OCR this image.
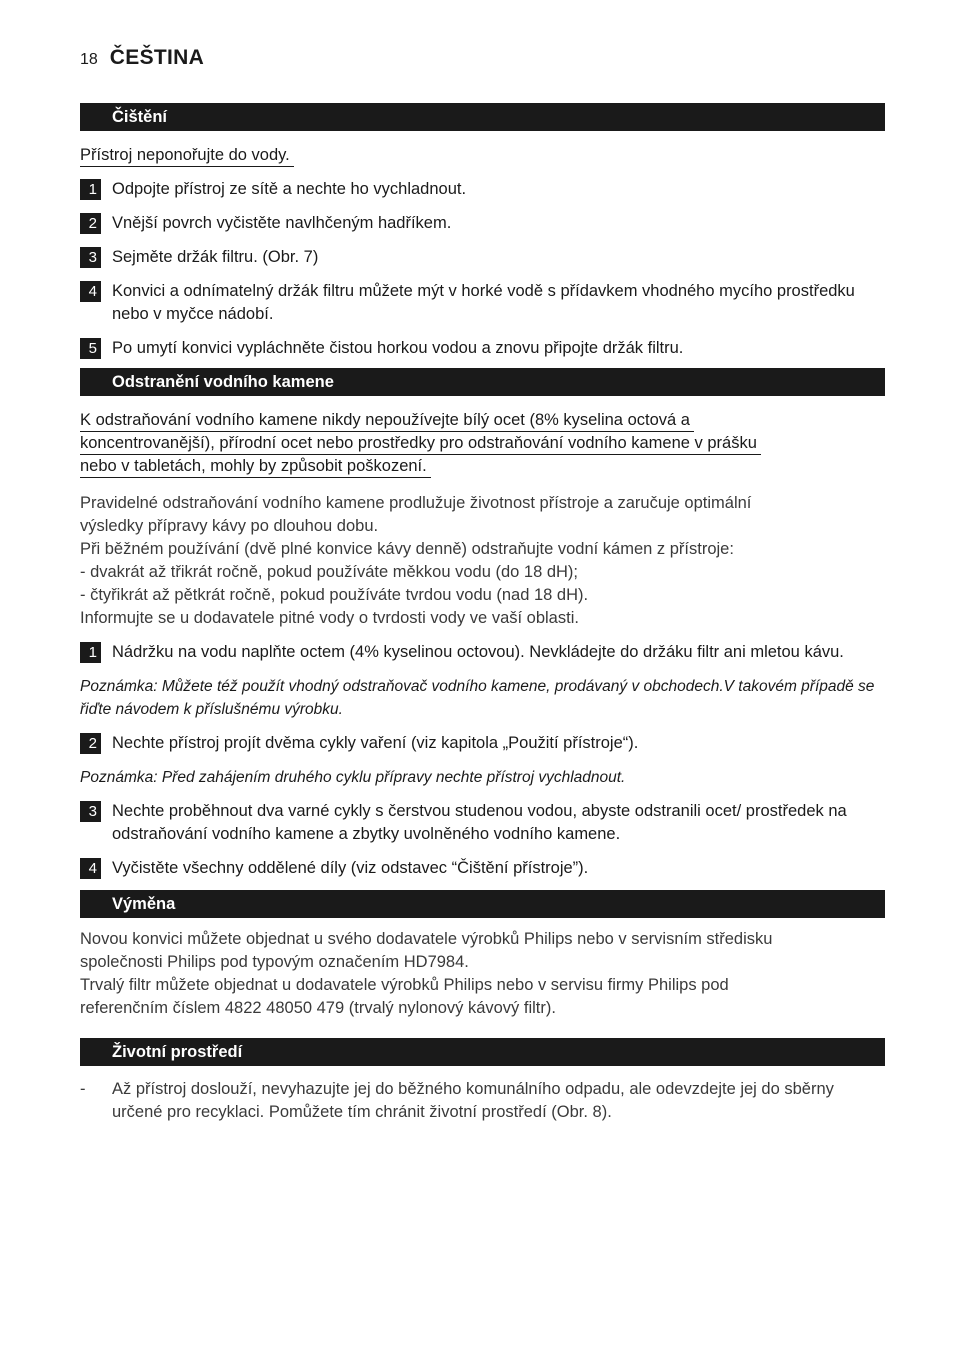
18 ČEŠTINA
Čištění
Přístroj neponořujte do vody.
1 Odpojte přístroj ze sítě a nechte ho vychladnout.
2 Vnější povrch vyčistěte navlhčeným hadříkem.
3 Sejměte držák filtru. (Obr. 7)
4 Konvici a odnímatelný držák filtru můžete mýt v horké vodě s přídavkem vhodného mycího prostředku nebo v myčce nádobí.
5 Po umytí konvici vypláchněte čistou horkou vodou a znovu připojte držák filtru.
Odstranění vodního kamene
K odstraňování vodního kamene nikdy nepoužívejte bílý ocet (8% kyselina octová a
koncentrovanější), přírodní ocet nebo prostředky pro odstraňování vodního kamene v prášku
nebo v tabletách, mohly by způsobit poškození.
Pravidelné odstraňování vodního kamene prodlužuje životnost přístroje a zaručuje optimální
výsledky přípravy kávy po dlouhou dobu.
Při běžném používání (dvě plné konvice kávy denně) odstraňujte vodní kámen z přístroje:
- dvakrát až třikrát ročně, pokud používáte měkkou vodu (do 18 dH);
- čtyřikrát až pětkrát ročně, pokud používáte tvrdou vodu (nad 18 dH).
Informujte se u dodavatele pitné vody o tvrdosti vody ve vaší oblasti.
1 Nádržku na vodu naplňte octem (4% kyselinou octovou). Nevkládejte do držáku filtr ani mletou kávu.
Poznámka: Můžete též použít vhodný odstraňovač vodního kamene, prodávaný v obchodech.V takovém případě se řiďte návodem k příslušnému výrobku.
2 Nechte přístroj projít dvěma cykly vaření (viz kapitola „Použití přístroje“).
Poznámka: Před zahájením druhého cyklu přípravy nechte přístroj vychladnout.
3 Nechte proběhnout dva varné cykly s čerstvou studenou vodou, abyste odstranili ocet/ prostředek na odstraňování vodního kamene a zbytky uvolněného vodního kamene.
4 Vyčistěte všechny oddělené díly (viz odstavec “Čištění přístroje”).
Výměna
Novou konvici můžete objednat u svého dodavatele výrobků Philips nebo v servisním středisku
společnosti Philips pod typovým označením HD7984.
Trvalý filtr můžete objednat u dodavatele výrobků Philips nebo v servisu firmy Philips pod
referenčním číslem 4822 48050 479 (trvalý nylonový kávový filtr).
Životní prostředí
-	Až přístroj doslouží, nevyhazujte jej do běžného komunálního odpadu, ale odevzdejte jej do sběrny určené pro recyklaci. Pomůžete tím chránit životní prostředí (Obr. 8).
